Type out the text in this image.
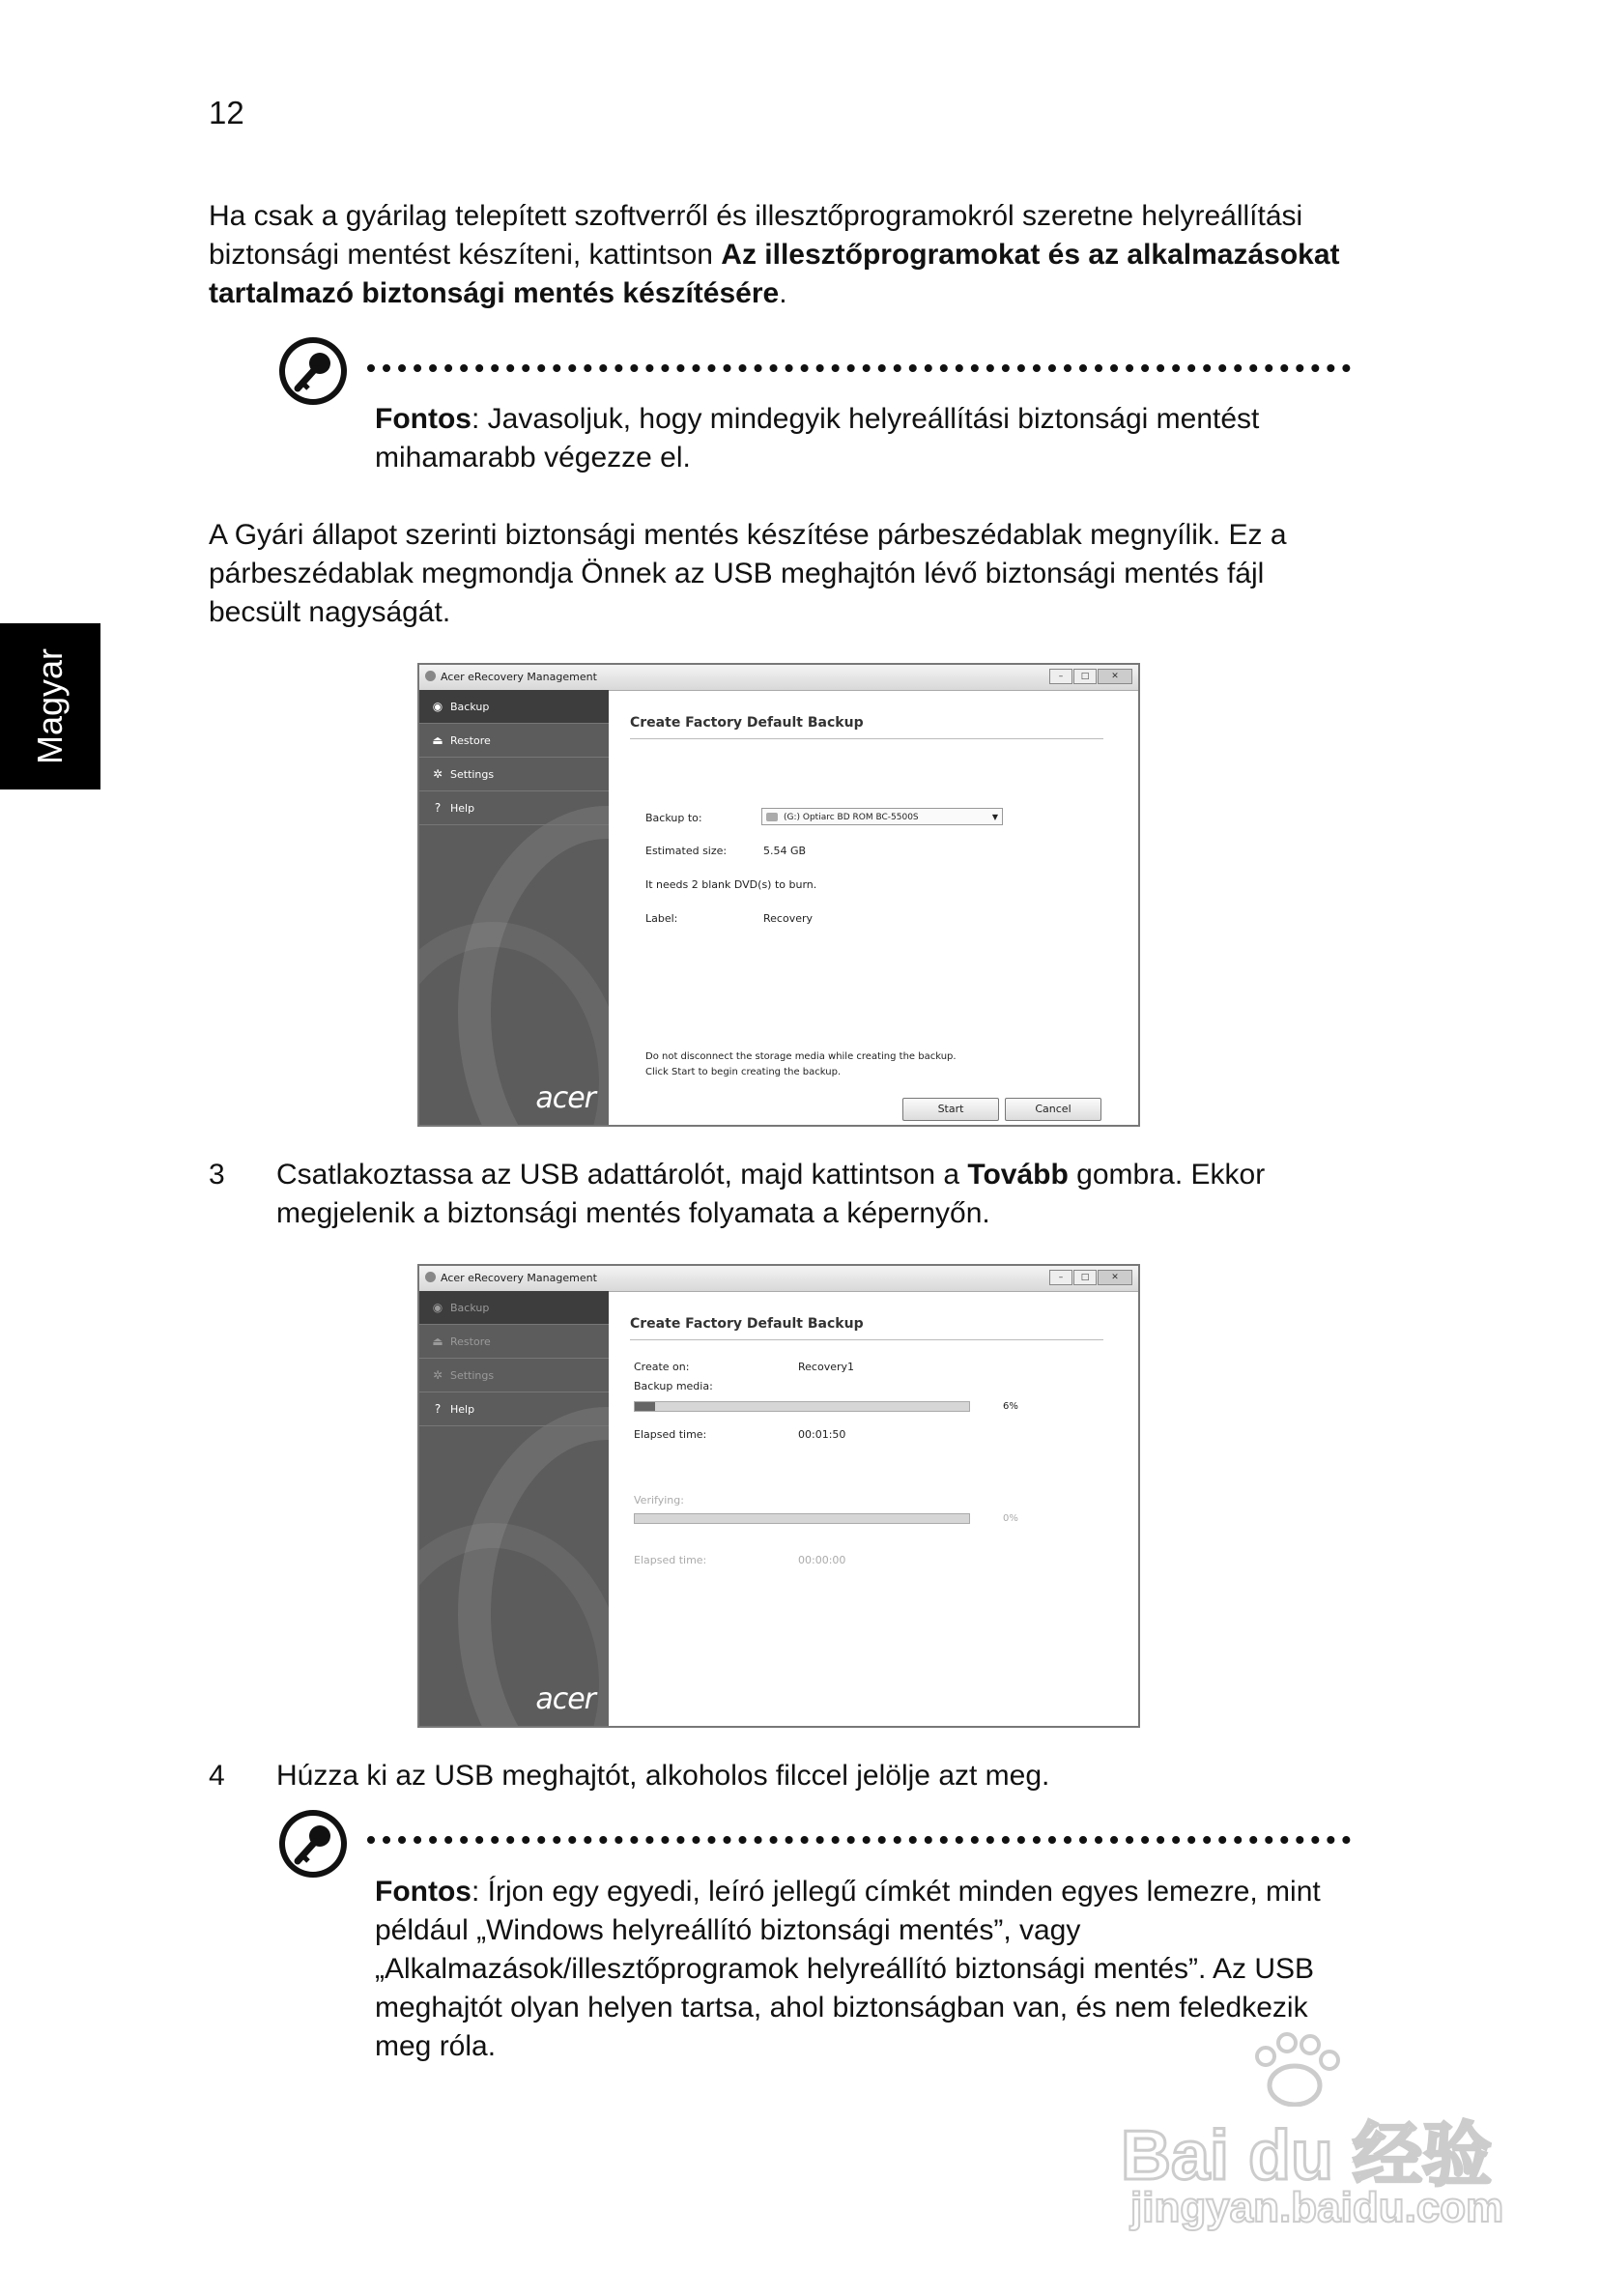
12
Ha csak a gyárilag telepített szoftverről és illesztőprogramokról szeretne helyreállítási biztonsági mentést készíteni, kattintson Az illesztőprogramokat és az alkalmazásokat tartalmazó biztonsági mentés készítésére.
Fontos: Javasoljuk, hogy mindegyik helyreállítási biztonsági mentést mihamarabb végezze el.
A Gyári állapot szerinti biztonsági mentés készítése párbeszédablak megnyílik. Ez a párbeszédablak megmondja Önnek az USB meghajtón lévő biztonsági mentés fájl becsült nagyságát.
Magyar	Acer eRecovery Management	–	□	✕
◉ Backup
⏏ Restore
✲ Settings
? Help
acer
Create Factory Default Backup
Backup to:	(G:) Optiarc BD ROM BC-5500S	▼
Estimated size:	5.54 GB
It needs 2 blank DVD(s) to burn.
Label:	Recovery
Do not disconnect the storage media while creating the backup.
Click Start to begin creating the backup.
Start	Cancel
3 Csatlakoztassa az USB adattárolót, majd kattintson a Tovább gombra. Ekkor megjelenik a biztonsági mentés folyamata a képernyőn.
Acer eRecovery Management	–	□	✕
◉ Backup
⏏ Restore
✲ Settings
? Help
acer
Create Factory Default Backup
Create on:	Recovery1
Backup media:
6%
Elapsed time:	00:01:50
Verifying:
0%
Elapsed time:	00:00:00
4 Húzza ki az USB meghajtót, alkoholos filccel jelölje azt meg.
Fontos: Írjon egy egyedi, leíró jellegű címkét minden egyes lemezre, mint például „Windows helyreállító biztonsági mentés”, vagy „Alkalmazások/illesztőprogramok helyreállító biztonsági mentés”. Az USB meghajtót olyan helyen tartsa, ahol biztonságban van, és nem feledkezik meg róla.
Bai du 经验
jingyan.baidu.com
